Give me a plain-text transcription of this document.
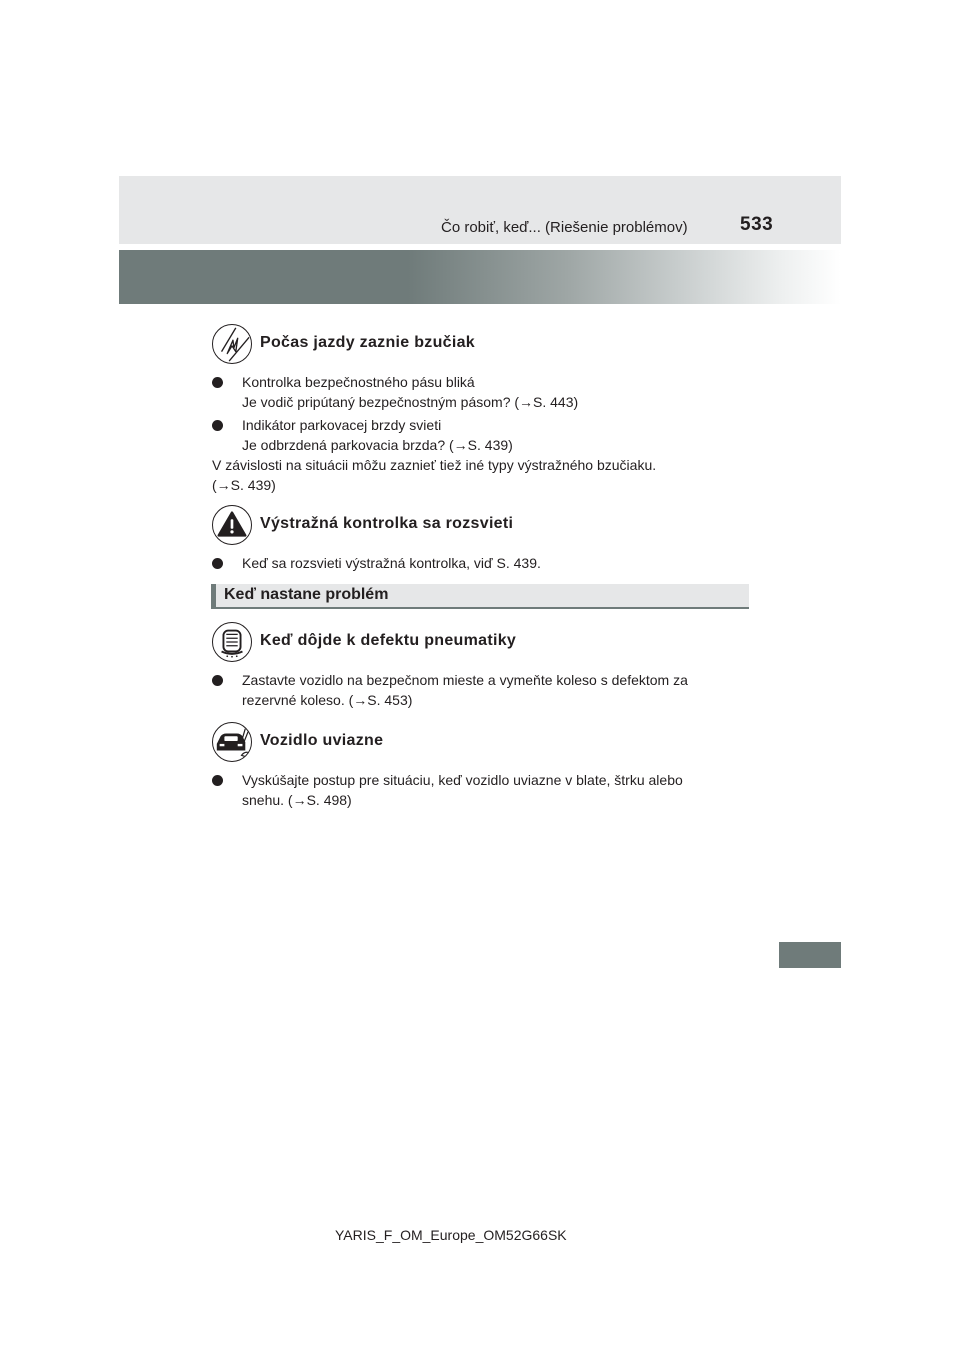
Čo robiť, keď... (Riešenie problémov)	533
Počas jazdy zaznie bzučiak
Kontrolka bezpečnostného pásu bliká
Je vodič pripútaný bezpečnostným pásom? (→S. 443)
Indikátor parkovacej brzdy svieti
Je odbrzdená parkovacia brzda? (→S. 439)
V závislosti na situácii môžu zaznieť tiež iné typy výstražného bzučiaku.
(→S. 439)
Výstražná kontrolka sa rozsvieti
Keď sa rozsvieti výstražná kontrolka, viď S. 439.
Keď nastane problém
Keď dôjde k defektu pneumatiky
Zastavte vozidlo na bezpečnom mieste a vymeňte koleso s defektom za
rezervné koleso. (→S. 453)
Vozidlo uviazne
Vyskúšajte postup pre situáciu, keď vozidlo uviazne v blate, štrku alebo
snehu. (→S. 498)
YARIS_F_OM_Europe_OM52G66SK
